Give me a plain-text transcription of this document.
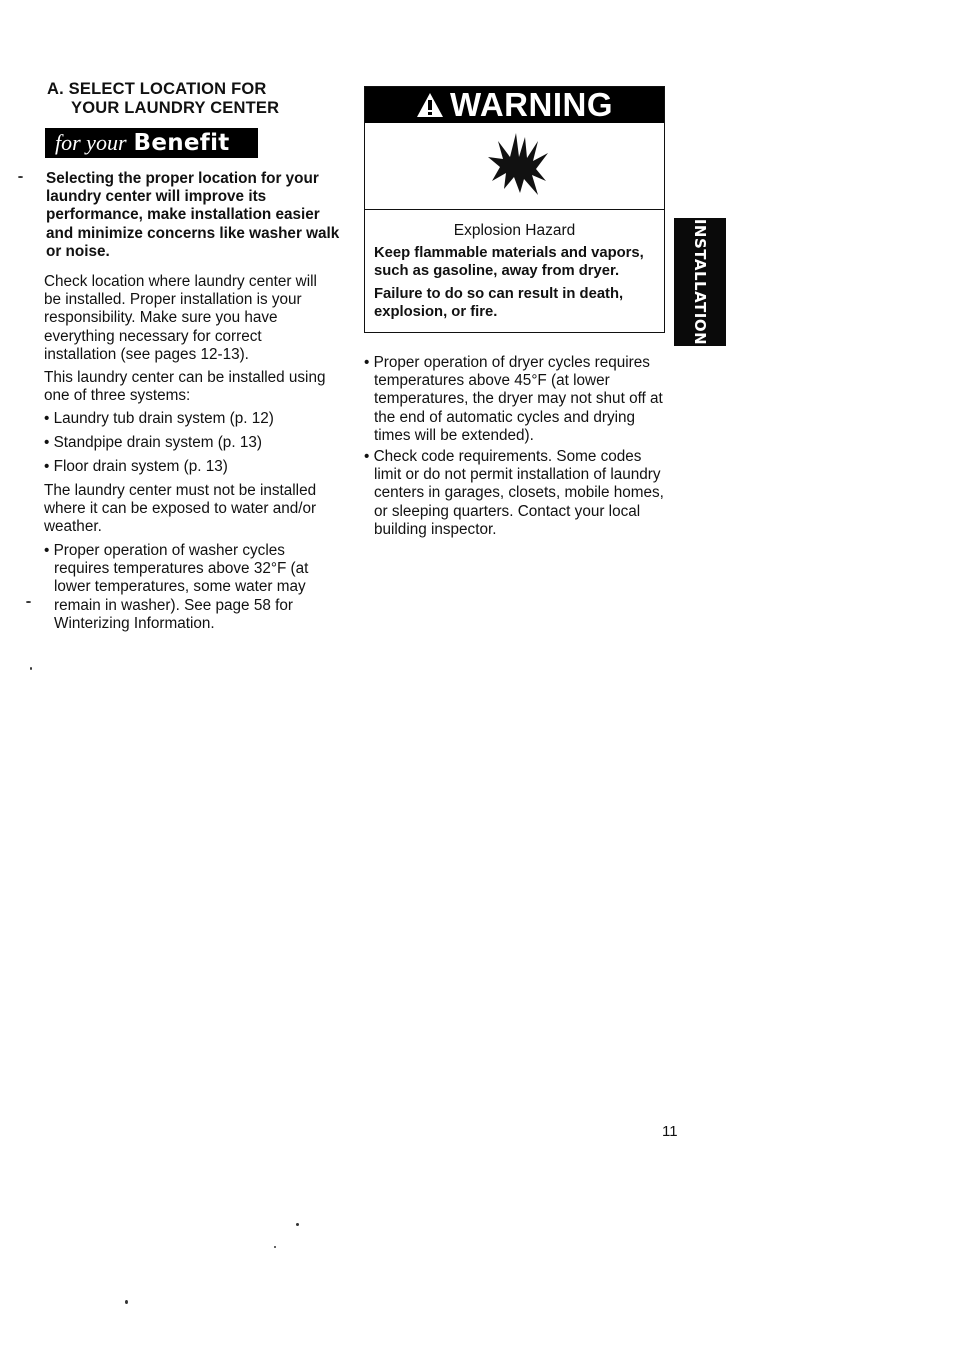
A. SELECT LOCATION FOR
YOUR LAUNDRY CENTER
for your Benefit
Selecting the proper location for your laundry center will improve its performance, make installation easier and minimize concerns like washer walk or noise.
Check location where laundry center will be installed. Proper installation is your responsibility. Make sure you have everything necessary for correct installation (see pages 12-13).
This laundry center can be installed using one of three systems:
• Laundry tub drain system (p. 12)
• Standpipe drain system (p. 13)
• Floor drain system (p. 13)
The laundry center must not be installed where it can be exposed to water and/or weather.
• Proper operation of washer cycles requires temperatures above 32°F (at lower temperatures, some water may remain in washer). See page 58 for Winterizing Information.
WARNING
Explosion Hazard
Keep flammable materials and vapors, such as gasoline, away from dryer.
Failure to do so can result in death, explosion, or fire.
• Proper operation of dryer cycles requires temperatures above 45°F (at lower temperatures, the dryer may not shut off at the end of automatic cycles and drying times will be extended).
• Check code requirements. Some codes limit or do not permit installation of laundry centers in garages, closets, mobile homes, or sleeping quarters. Contact your local building inspector.
INSTALLATION
11
